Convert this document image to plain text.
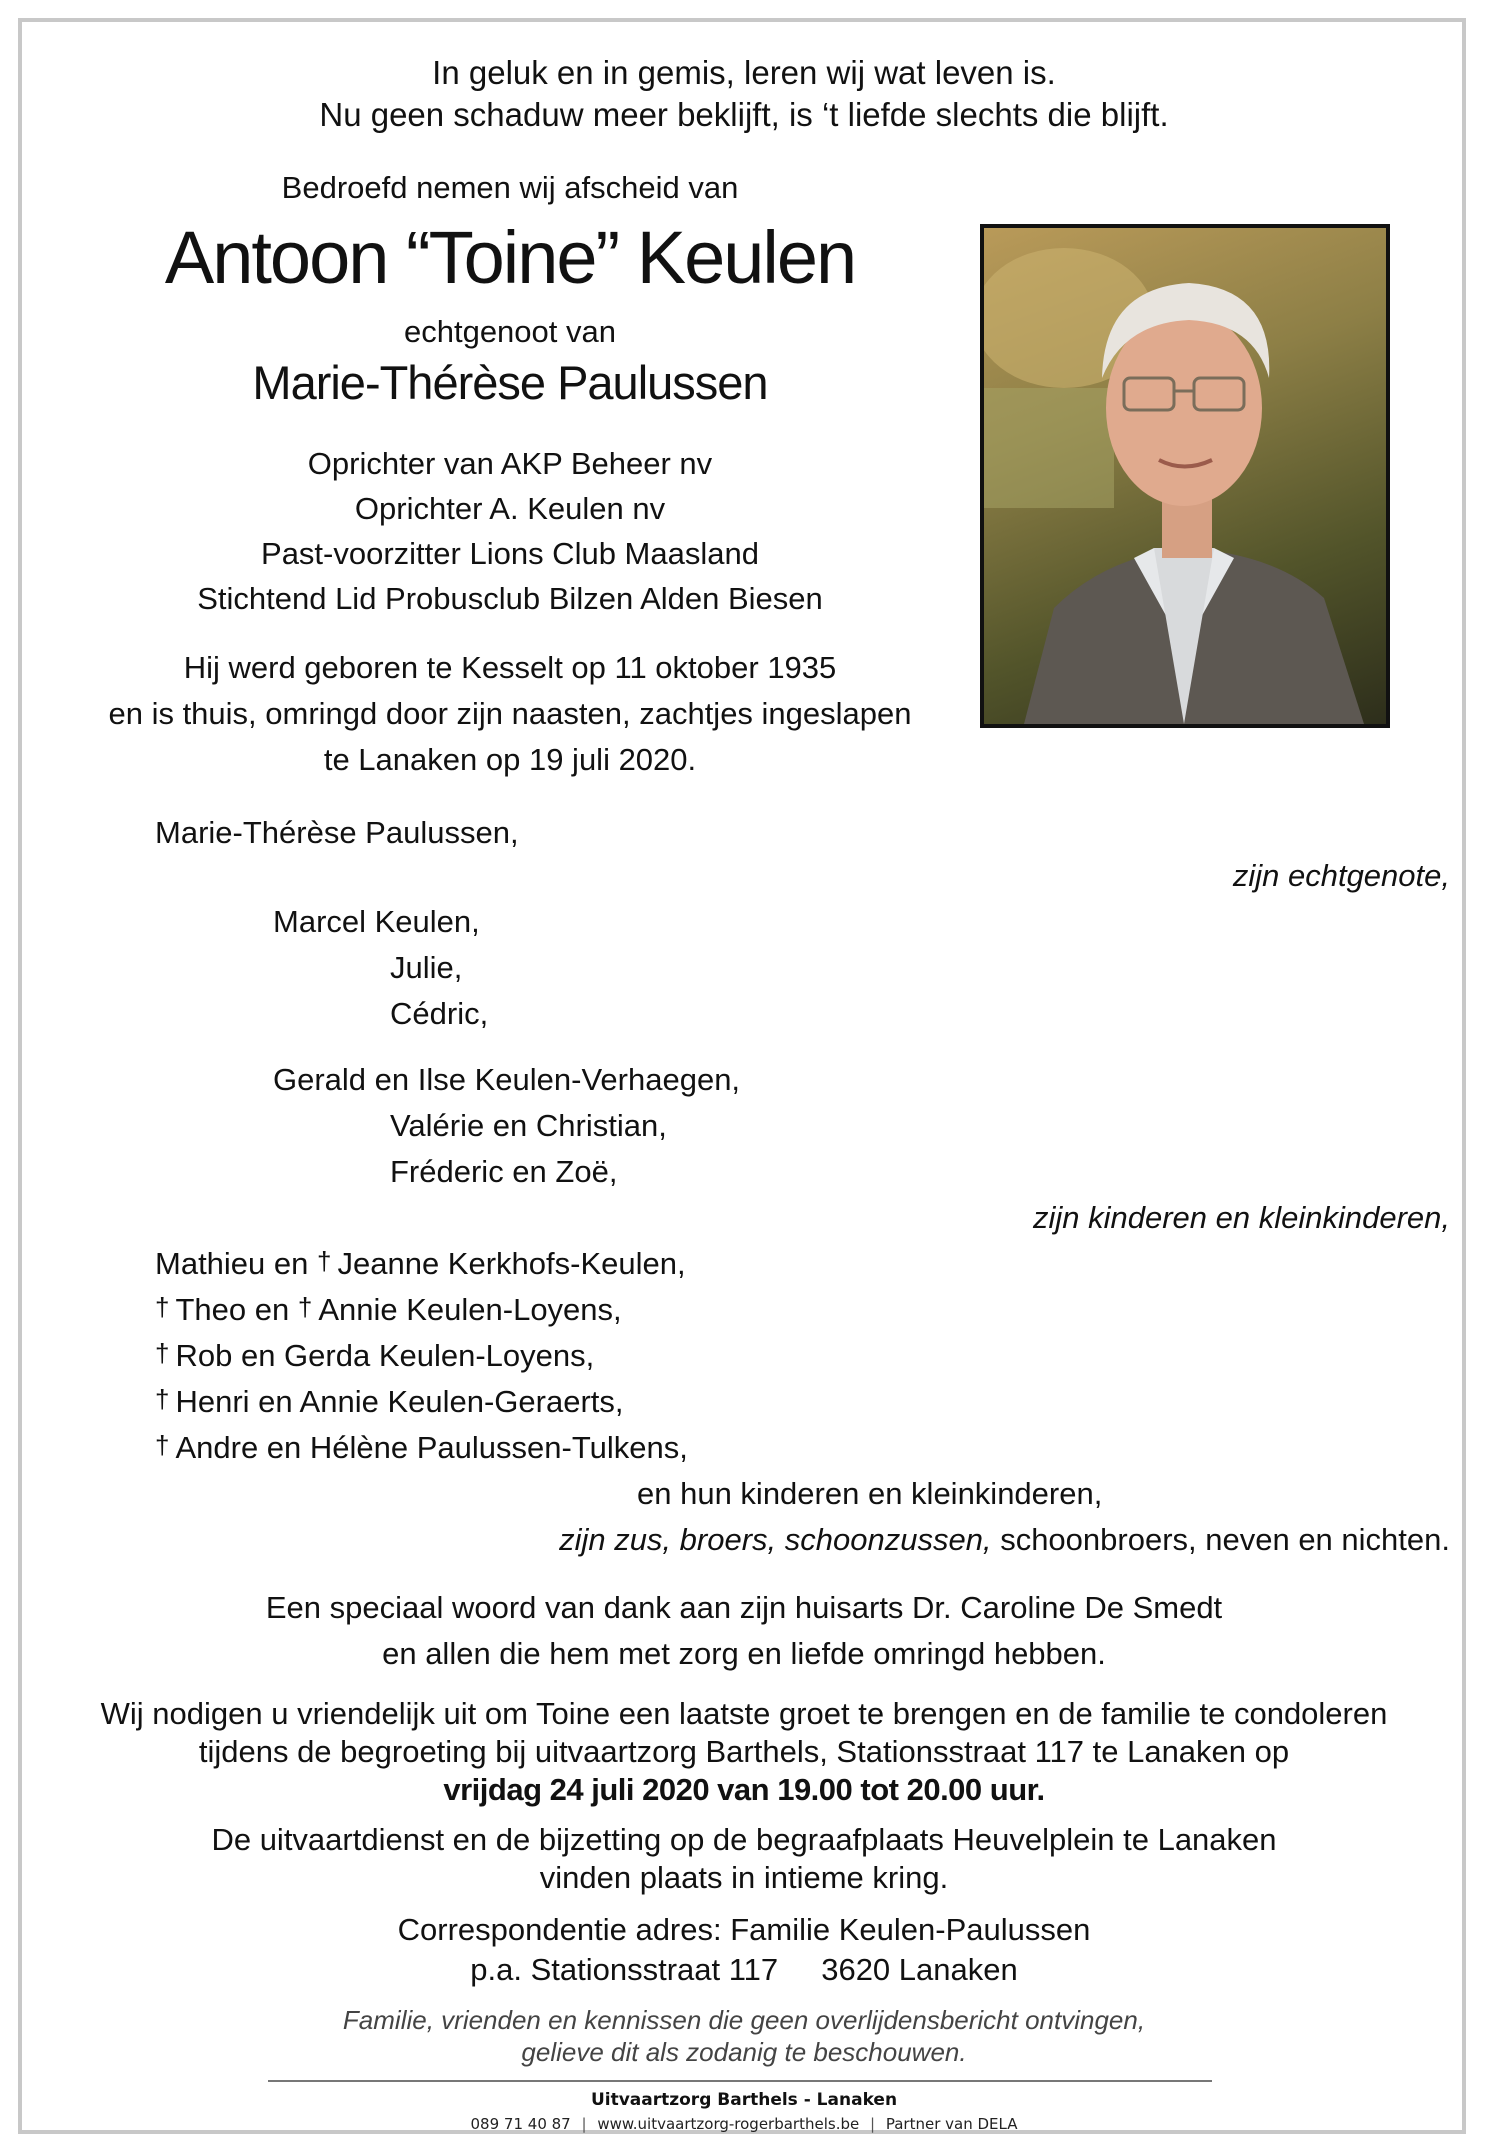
In geluk en in gemis, leren wij wat leven is.
Nu geen schaduw meer beklijft, is ‘t liefde slechts die blijft.
Bedroefd nemen wij afscheid van
Antoon “Toine” Keulen
echtgenoot van
Marie-Thérèse Paulussen
Oprichter van AKP Beheer nv
Oprichter A. Keulen nv
Past-voorzitter Lions Club Maasland
Stichtend Lid Probusclub Bilzen Alden Biesen
Hij werd geboren te Kesselt op 11 oktober 1935
en is thuis, omringd door zijn naasten, zachtjes ingeslapen
te Lanaken op 19 juli 2020.
Marie-Thérèse Paulussen,
zijn echtgenote,
Marcel Keulen,
Julie,
Cédric,
Gerald en Ilse Keulen-Verhaegen,
Valérie en Christian,
Fréderic en Zoë,
zijn kinderen en kleinkinderen,
Mathieu en † Jeanne Kerkhofs-Keulen,
† Theo en † Annie Keulen-Loyens,
† Rob en Gerda Keulen-Loyens,
† Henri en Annie Keulen-Geraerts,
† Andre en Hélène Paulussen-Tulkens,
en hun kinderen en kleinkinderen,
zijn zus, broers, schoonzussen, schoonbroers, neven en nichten.
Een speciaal woord van dank aan zijn huisarts Dr. Caroline De Smedt
en allen die hem met zorg en liefde omringd hebben.
Wij nodigen u vriendelijk uit om Toine een laatste groet te brengen en de familie te condoleren
tijdens de begroeting bij uitvaartzorg Barthels, Stationsstraat 117 te Lanaken op
vrijdag 24 juli 2020 van 19.00 tot 20.00 uur.
De uitvaartdienst en de bijzetting op de begraafplaats Heuvelplein te Lanaken
vinden plaats in intieme kring.
Correspondentie adres: Familie Keulen-Paulussen
p.a. Stationsstraat 117     3620 Lanaken
Familie, vrienden en kennissen die geen overlijdensbericht ontvingen,
gelieve dit als zodanig te beschouwen.
Uitvaartzorg Barthels - Lanaken
089 71 40 87 | www.uitvaartzorg-rogerbarthels.be | Partner van DELA
